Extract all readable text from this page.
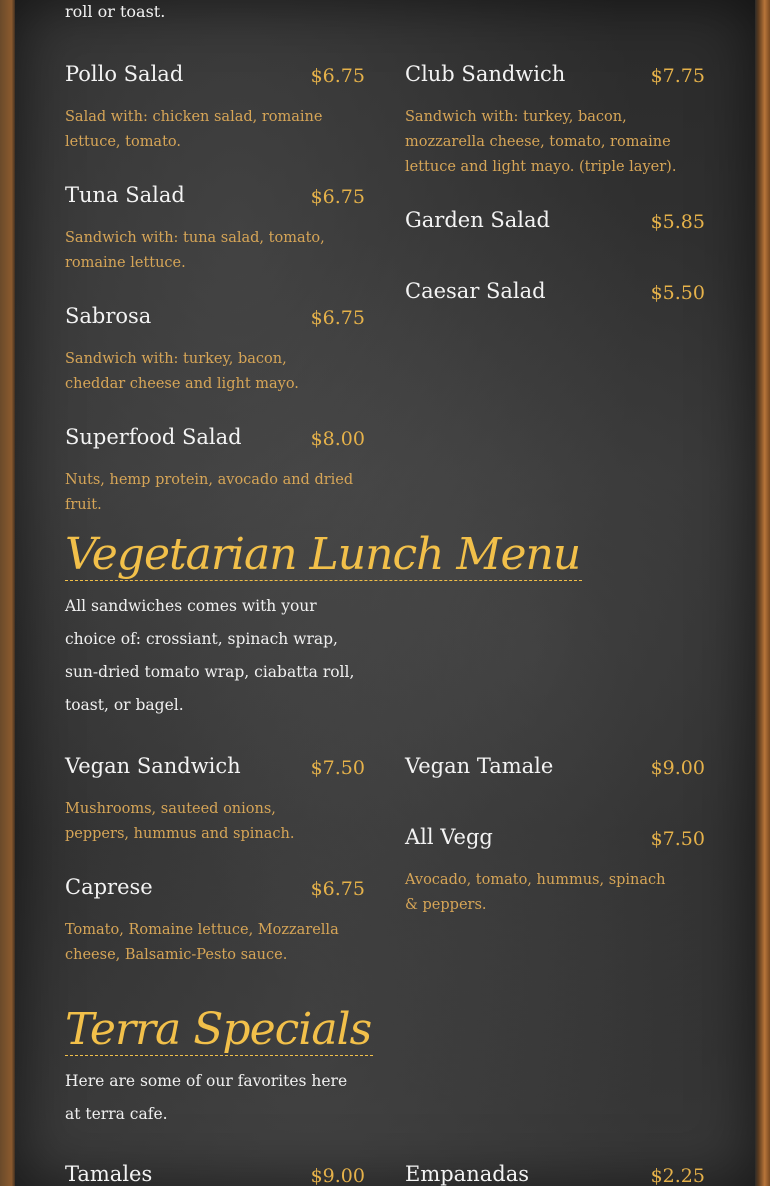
roll or toast.
Pollo Salad	$6.75
Salad with: chicken salad, romaine lettuce, tomato.
Tuna Salad	$6.75
Sandwich with: tuna salad, tomato, romaine lettuce.
Sabrosa	$6.75
Sandwich with: turkey, bacon, cheddar cheese and light mayo.
Superfood Salad	$8.00
Nuts, hemp protein, avocado and dried fruit.
Club Sandwich	$7.75
Sandwich with: turkey, bacon, mozzarella cheese, tomato, romaine lettuce and light mayo. (triple layer).
Garden Salad	$5.85
Caesar Salad	$5.50
Vegetarian Lunch Menu
All sandwiches comes with your choice of: crossiant, spinach wrap, sun-dried tomato wrap, ciabatta roll, toast, or bagel.
Vegan Sandwich	$7.50
Mushrooms, sauteed onions, peppers, hummus and spinach.
Caprese	$6.75
Tomato, Romaine lettuce, Mozzarella cheese, Balsamic-Pesto sauce.
Vegan Tamale	$9.00
All Vegg	$7.50
Avocado, tomato, hummus, spinach & peppers.
Terra Specials
Here are some of our favorites here at terra cafe.
Tamales	$9.00 Empanadas	$2.25
